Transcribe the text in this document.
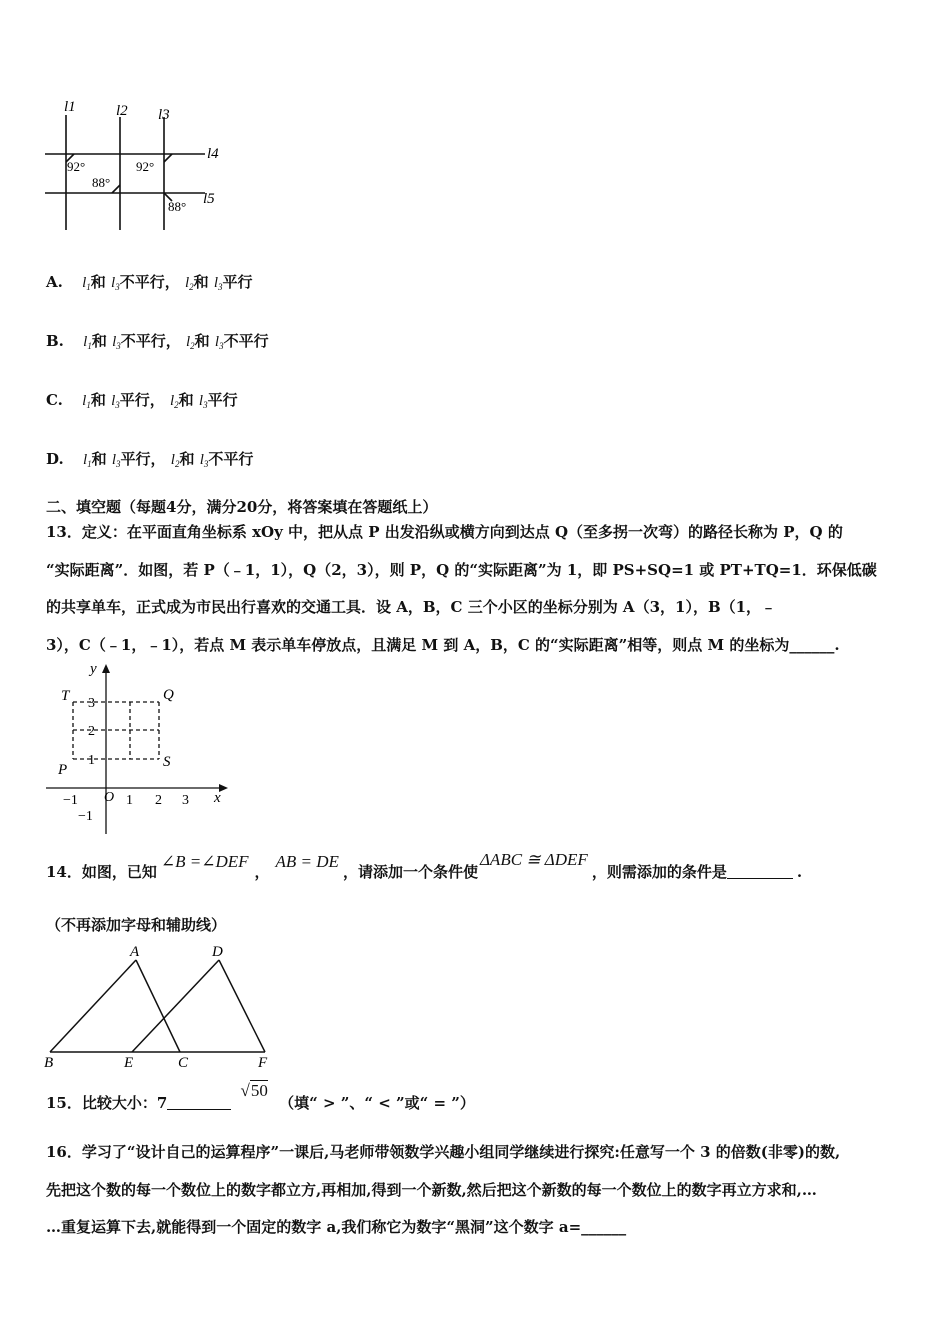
l1	l2 l3
l4
l5
92°
88°
92°
88°
A. $l_1$和 $l_3$不平行， $l_2$和 $l_3$平行
B. $l_1$和 $l_3$不平行， $l_2$和 $l_3$不平行
C. $l_1$和 $l_3$平行， $l_2$和 $l_3$平行
D. $l_1$和 $l_3$平行， $l_2$和 $l_3$不平行
二、填空题（每题4分，满分20分，将答案填在答题纸上）
13．定义：在平面直角坐标系 xOy 中，把从点 P 出发沿纵或横方向到达点 Q（至多拐一次弯）的路径长称为 P，Q 的
“实际距离”．如图，若 P（﹣1，1），Q（2，3），则 P，Q 的“实际距离”为 1，即 PS+SQ=1 或 PT+TQ=1．环保低碳
的共享单车，正式成为市民出行喜欢的交通工具．设 A，B，C 三个小区的坐标分别为 A（3，1），B（1，﹣
3），C（﹣1，﹣1），若点 M 表示单车停放点，且满足 M 到 A，B，C 的“实际距离”相等，则点 M 的坐标为______.
y
x
O
−1	1 2 3
3
2
1
−1
T	Q
P	S
14．如图，已知∠B =∠DEF，AB = DE，请添加一个条件使ΔABC ≅ ΔDEF，则需添加的条件是	.
（不再添加字母和辅助线）
A	D
B	E	C	F
15．比较大小：7 √50 （填“ > ”、“ < ”或“ = ”）
16．学习了“设计自己的运算程序”一课后,马老师带领数学兴趣小组同学继续进行探究:任意写一个 3 的倍数(非零)的数,
先把这个数的每一个数位上的数字都立方,再相加,得到一个新数,然后把这个新数的每一个数位上的数字再立方求和,…
…重复运算下去,就能得到一个固定的数字 a,我们称它为数字“黑洞”这个数字 a=______
